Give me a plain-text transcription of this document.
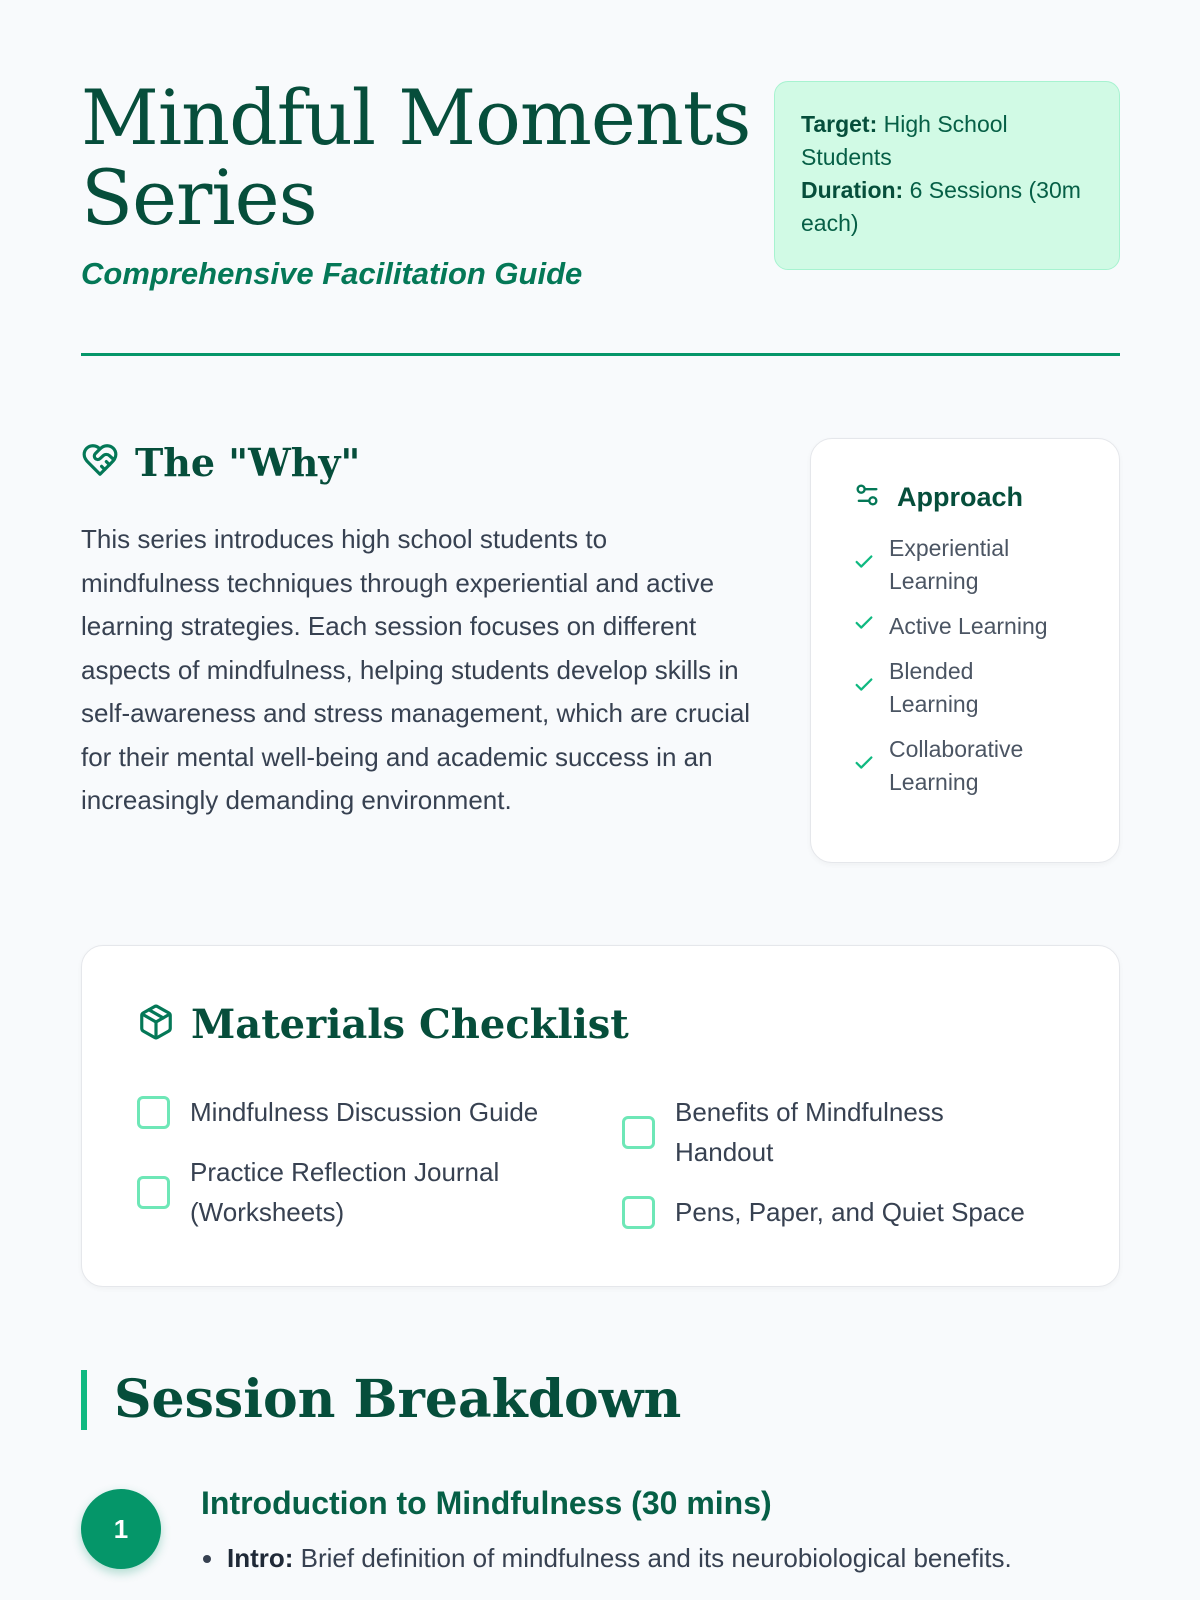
Mindful Moments Series
Comprehensive Facilitation Guide
Target: High School Students
Duration: 6 Sessions (30m each)
The "Why"

This series introduces high school students to mindfulness techniques through experiential and active learning strategies. Each session focuses on different aspects of mindfulness, helping students develop skills in self-awareness and stress management, which are crucial for their mental well-being and academic success in an increasingly demanding environment.

Approach
Experiential Learning
Active Learning
Blended Learning
Collaborative Learning
Materials Checklist
Mindfulness Discussion Guide	Benefits of Mindfulness Handout
Practice Reflection Journal (Worksheets)	Pens, Paper, and Quiet Space
Session Breakdown
1
Introduction to Mindfulness (30 mins)
Intro: Brief definition of mindfulness and its neurobiological benefits.
